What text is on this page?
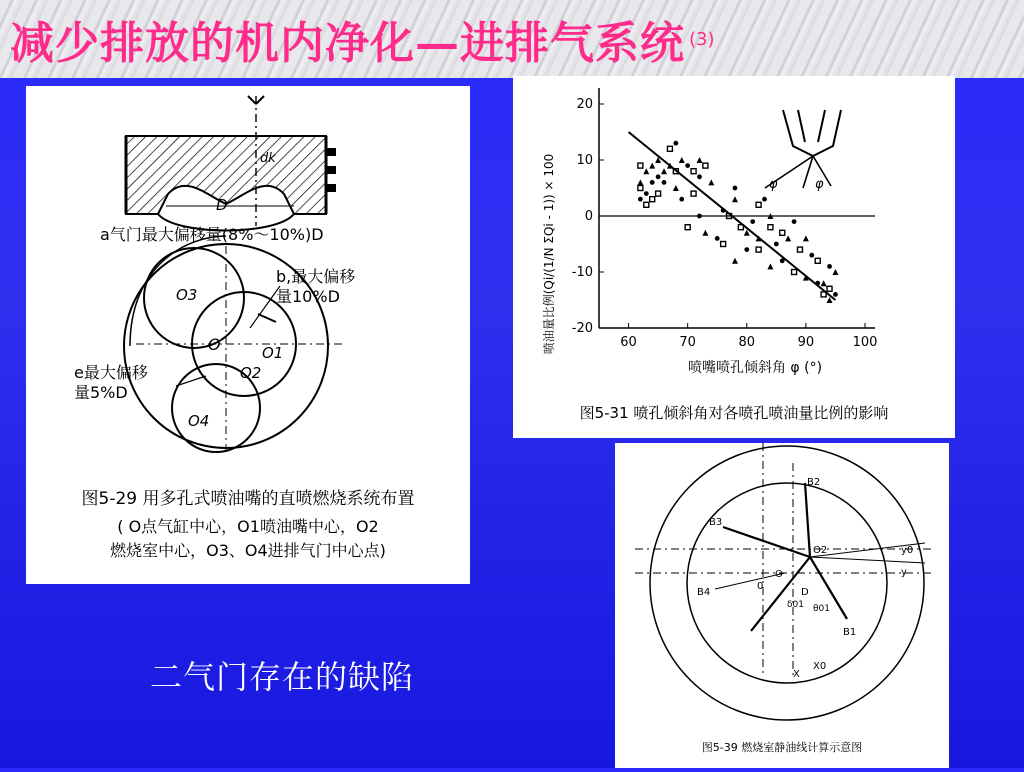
减少排放的机内净化—进排气系统 (3)
dk
D
a气门最大偏移量(8%～10%)D
O3
O	O1
O2
O4
b,最大偏移
量10%D
e最大偏移
量5%D
图5-29 用多孔式喷油嘴的直喷燃烧系统布置
( O点气缸中心，O1喷油嘴中心，O2
燃烧室中心，O3、O4进排气门中心点)
60	70	80	90	100
-20
-10
0
10
20
φ	φ
喷嘴喷孔倾斜角 φ (°)
喷油量比例(Qi/(1/N ΣQi - 1)) × 100
图5-31 喷孔倾斜角对各喷孔喷油量比例的影响
B2
B3
B4
B1
O2
O
D
δ01 θ01
y0
y
X
X0
0
图5-39 燃烧室静油线计算示意图
二气门存在的缺陷
